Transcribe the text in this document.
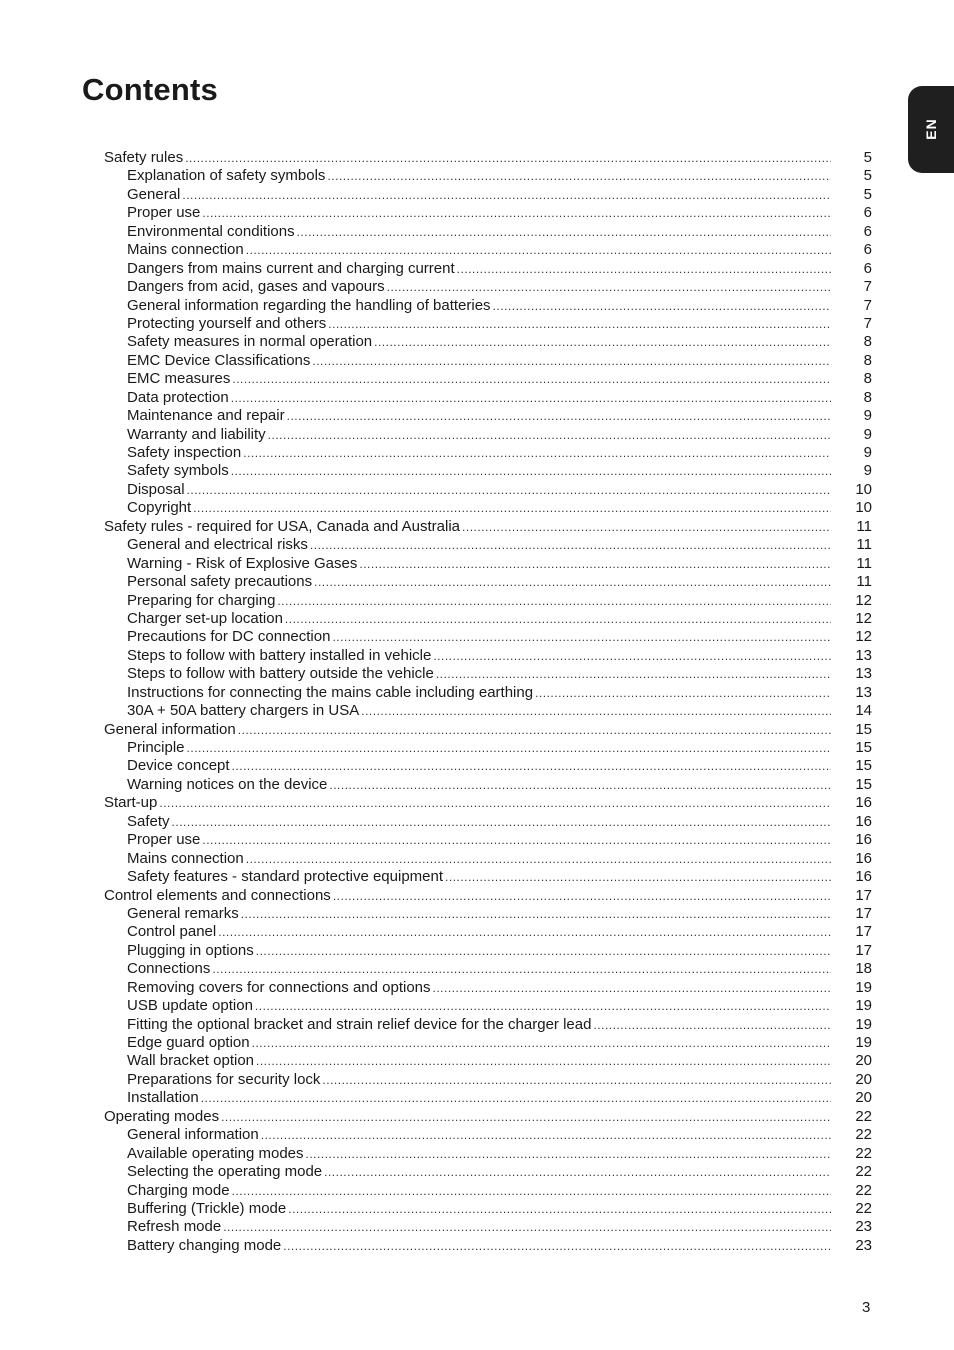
Contents
EN
Safety rules .....	5
Explanation of safety symbols .....	5
General .....	5
Proper use .....	6
Environmental conditions .....	6
Mains connection .....	6
Dangers from mains current and charging current .....	6
Dangers from acid, gases and vapours .....	7
General information regarding the handling of batteries .....	7
Protecting yourself and others .....	7
Safety measures in normal operation .....	8
EMC Device Classifications .....	8
EMC measures .....	8
Data protection .....	8
Maintenance and repair .....	9
Warranty and liability .....	9
Safety inspection .....	9
Safety symbols .....	9
Disposal .....	10
Copyright .....	10
Safety rules - required for USA, Canada and Australia .....	11
General and electrical risks .....	11
Warning - Risk of Explosive Gases .....	11
Personal safety precautions .....	11
Preparing for charging .....	12
Charger set-up location .....	12
Precautions for DC connection .....	12
Steps to follow with battery installed in vehicle .....	13
Steps to follow with battery outside the vehicle .....	13
Instructions for connecting the mains cable including earthing .....	13
30A + 50A battery chargers in USA .....	14
General information .....	15
Principle .....	15
Device concept .....	15
Warning notices on the device .....	15
Start-up .....	16
Safety .....	16
Proper use .....	16
Mains connection .....	16
Safety features - standard protective equipment .....	16
Control elements and connections .....	17
General remarks .....	17
Control panel .....	17
Plugging in options .....	17
Connections .....	18
Removing covers for connections and options .....	19
USB update option .....	19
Fitting the optional bracket and strain relief device for the charger lead .....	19
Edge guard option .....	19
Wall bracket option .....	20
Preparations for security lock .....	20
Installation .....	20
Operating modes .....	22
General information .....	22
Available operating modes .....	22
Selecting the operating mode .....	22
Charging mode .....	22
Buffering (Trickle) mode .....	22
Refresh mode .....	23
Battery changing mode .....	23
3
